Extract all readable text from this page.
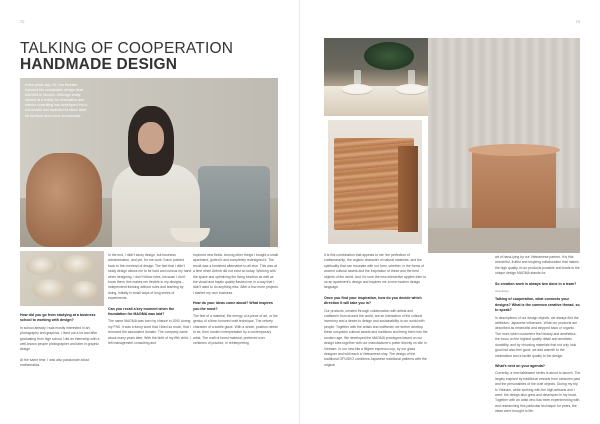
72
TALKING OF COOPERATION
HANDMADE DESIGN
A few years ago, Dr. Urs Moesler founded the sustainable design label MAGMA in Munich. Although really started at a hobby for restoration and interior consulting has developed into a successful and awarded furniture label for furniture and home accessories.
How did you go from studying at a business school to working with design?

In school already I was mostly interested in art, photography and graphics. I lived out a lot and after graduating from high school I did an internship with a well-known people photographer and later in graphic design.

At the same time, I was also passionate about mathematics.

In the end, I didn't study design, but business administration, and yet, for me work I have pointed back to the overlead of design. The fact that I didn't study design allows me to be bold and curious my hand when designing. I don't follow rules, because I don't know them; this makes me flexible in my designs – independent thinking without rules and learning by doing, initially in small ways of long series of experiments.

Can you recall a key moment when the foundation for MAGMA was laid?

The name MAGMA was born by chance in 2000 during my PhD. It was a funny word that I liked so much, that I removed the associated domain. The company came about many years later. With the birth of my fifth child, I left management consulting and

explored new fields. Among other things I bought a small apartment, gutted it and completely redesigned it. The result was a furnished alternative to all else. This was at a time when Airbnb did not exist so today. Working with the space and optimizing the living function as well as the visual and haptic quality flashed me in a way that I didn't want to do anything else. After a few more projects I started my own business.

How do your ideas come about? What inspires you the most?

The feel of a material, the energy of a piece of art, or the genius of a time-honored craft technique. The velvety character of a subtle glaze. With a whole, position needs to be, then modern interpretation by a contemporary artist. The craft of forest material, preferred over centuries of practice, in reinterpreting

73

It is this combination that appeals to me: the perfection of craftsmanship, the organic character of natural materials, and the spirituality that can resonate with our form, whether, in the forms of ancient cultural assets and the inspiration of these and the best objects of the world. And I'm sure the new interactive applies then to us an apartment's design and inspires me a new modern design language.

Once you find your inspiration, how do you decide which direction it will take you in?

Our products, created through collaboration with artists and craftsmen from around the world, are an interaction of the cultural inventory and a desire to design and sustainability in our world with people. Together with the artists and craftsmen we further develop these unspoken cultural assets and traditions and bring them into the modern age. We developed the MAGMA prototypes based on our design idea together with our manufacturer's potter directly on site in Vietnam. In our new kits a filigree espresso cup, by our glass designer and with each a Vietnamese clay. The design of the traditional OPUSKO combines Japanese traditional patterns with the original

art of hand-lying by our Vietnamese partner. It is this wonderful, fruitful and inspiring collaboration that makes the high quality of our products possible and leads to the unique design MAGMA stands for.

So creation work is always two done in a team?
Absolutely.
Talking of cooperation, what connects your designs? What is the common creative thread, so to speak?

In descriptions of our design objects, we always find the attributes: Japanese influences. What our products are described as minimalist and stripped back or organic. The more when customers feel beauty and aesthetics, the focus on the highest quality detail and aesthetic durability, and by choosing materials that not only look good but also feel good, we add warmth to the minimalism and a tactile quality to the design.

What's next on your agenda?

Currently, a new tableware series is about to launch. The largely inspired by traditional vessels from centuries past and the personalities of the craft objects. During my trip to Vietnam, while working with the high artisans and I went, the design also grew and developed in my head. Together with an artist who has been experimenting with and researching this particular technique for years, the ideas were brought to life.
